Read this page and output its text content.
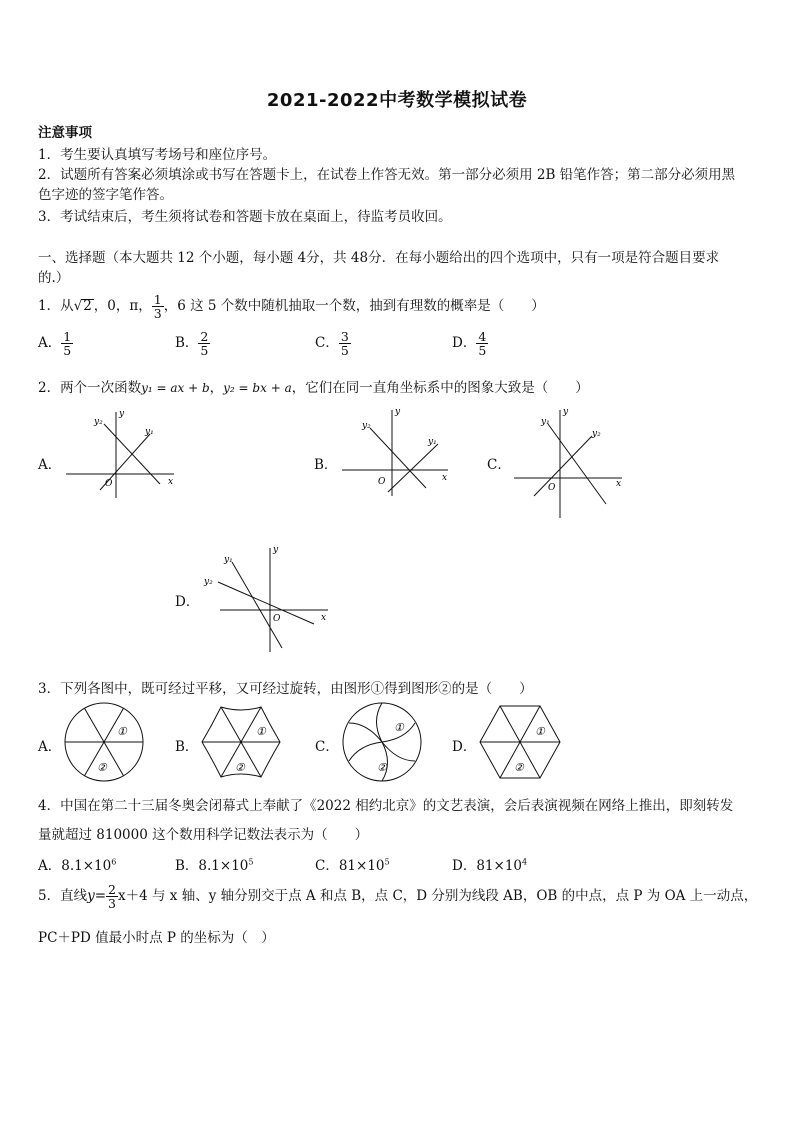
2021-2022中考数学模拟试卷
注意事项
1．考生要认真填写考场号和座位序号。
2．试题所有答案必须填涂或书写在答题卡上，在试卷上作答无效。第一部分必须用 2B 铅笔作答；第二部分必须用黑
色字迹的签字笔作答。
3．考试结束后，考生须将试卷和答题卡放在桌面上，待监考员收回。
一、选择题（本大题共 12 个小题，每小题 4分，共 48分．在每小题给出的四个选项中，只有一项是符合题目要求
的.）
1．从√2 ，0，π， $\frac{1}{3}$ ，6 这 5 个数中随机抽取一个数，抽到有理数的概率是（　　）
A． $\frac{1}{5}$	B． $\frac{2}{5}$	C． $\frac{3}{5}$	D． $\frac{4}{5}$
2．两个一次函数y₁ = ax + b，y₂ = bx + a，它们在同一直角坐标系中的图象大致是（　　）
A．
x
y
O
y₂
y₁
B．
x
y
O
y₂
y₁
C．
x
y
O
y₁
y₂
D．
x
y
O
y₁
y₂
3．下列各图中，既可经过平移，又可经过旋转，由图形①得到图形②的是（　　）
A．
①
②
B．
①
②
C．
①
②
D．
①
②
4．中国在第二十三届冬奥会闭幕式上奉献了《2022 相约北京》的文艺表演，会后表演视频在网络上推出，即刻转发
量就超过 810000 这个数用科学记数法表示为（　　）
A．$8.1\times 10^6$	B．$8.1\times 10^5$	C．$81\times 10^5$	D．$81\times 10^4$
5．直线$y= \frac{2}{3} x+4$ 与 x 轴、y 轴分别交于点 A 和点 B，点 C，D 分别为线段 AB，OB 的中点，点 P 为 OA 上一动点，
PC＋PD 值最小时点 P 的坐标为（　）
